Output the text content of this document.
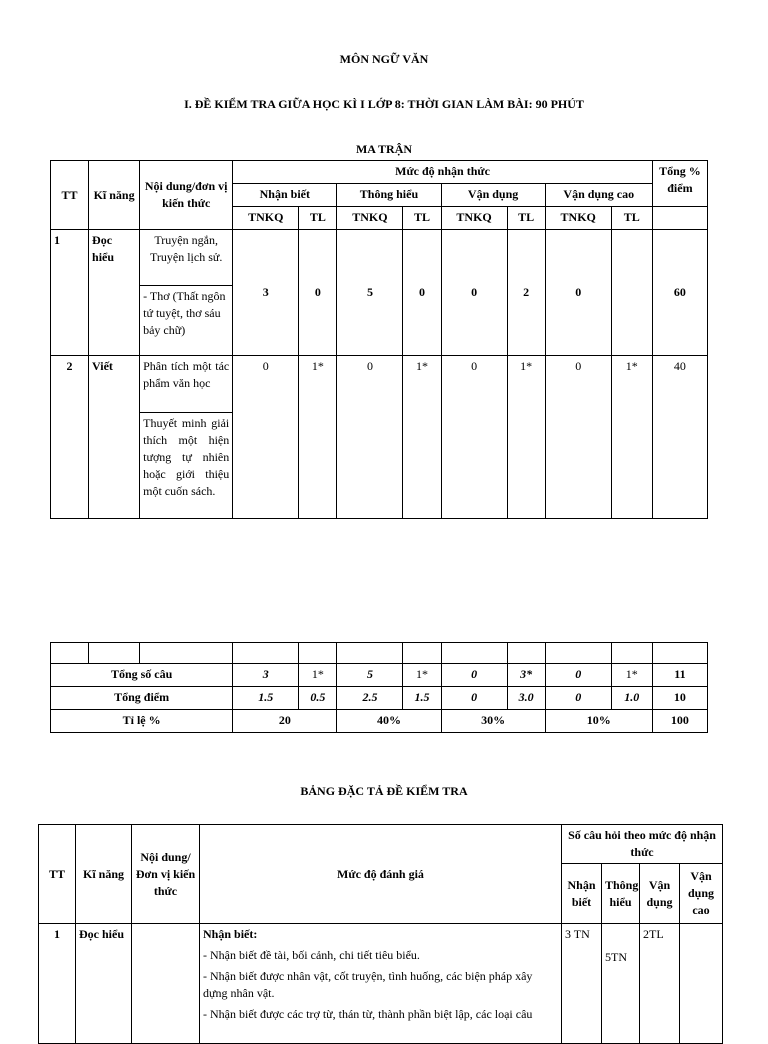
MÔN NGỮ VĂN
I. ĐỀ KIỂM TRA GIỮA HỌC KÌ I LỚP 8: THỜI GIAN LÀM BÀI: 90 PHÚT
MA TRẬN
TT	Kĩ năng	Nội dung/đơn vị kiến thức	Mức độ nhận thức								Tổng % điểm
			Nhận biết		Thông hiểu		Vận dụng		Vận dụng cao		
			TNKQ	TL	TNKQ	TL	TNKQ	TL	TNKQ	TL	
1	Đọc hiểu	Truyện ngắn, Truyện lịch sử.	3	0	5	0	0	2	0		60
		- Thơ (Thất ngôn tứ tuyệt, thơ sáu bảy chữ)									
2	Viết	Phân tích một tác phẩm văn học	0	1*	0	1*	0	1*	0	1*	40
		Thuyết minh giải thích một hiện tượng tự nhiên hoặc giới thiệu một cuốn sách.									

Tổng số câu			3	1*	5	1*	0	3*	0	1*	11
Tổng điểm			1.5	0.5	2.5	1.5	0	3.0	0	1.0	10
Tỉ lệ %			20		40%		30%		10%		100
BẢNG ĐẶC TẢ ĐỀ KIỂM TRA
TT	Kĩ năng	Nội dung/Đơn vị kiến thức	Mức độ đánh giá	Số câu hỏi theo mức độ nhận thức			
				Nhận biết	Thông hiểu	Vận dụng	Vận dụng cao
1	Đọc hiểu		Nhận biết:
- Nhận biết đề tài, bối cảnh, chi tiết tiêu biểu.
- Nhận biết được nhân vật, cốt truyện, tình huống, các biện pháp xây dựng nhân vật.
- Nhận biết được các trợ từ, thán từ, thành phần biệt lập, các loại câu	3 TN	5TN	2TL	
